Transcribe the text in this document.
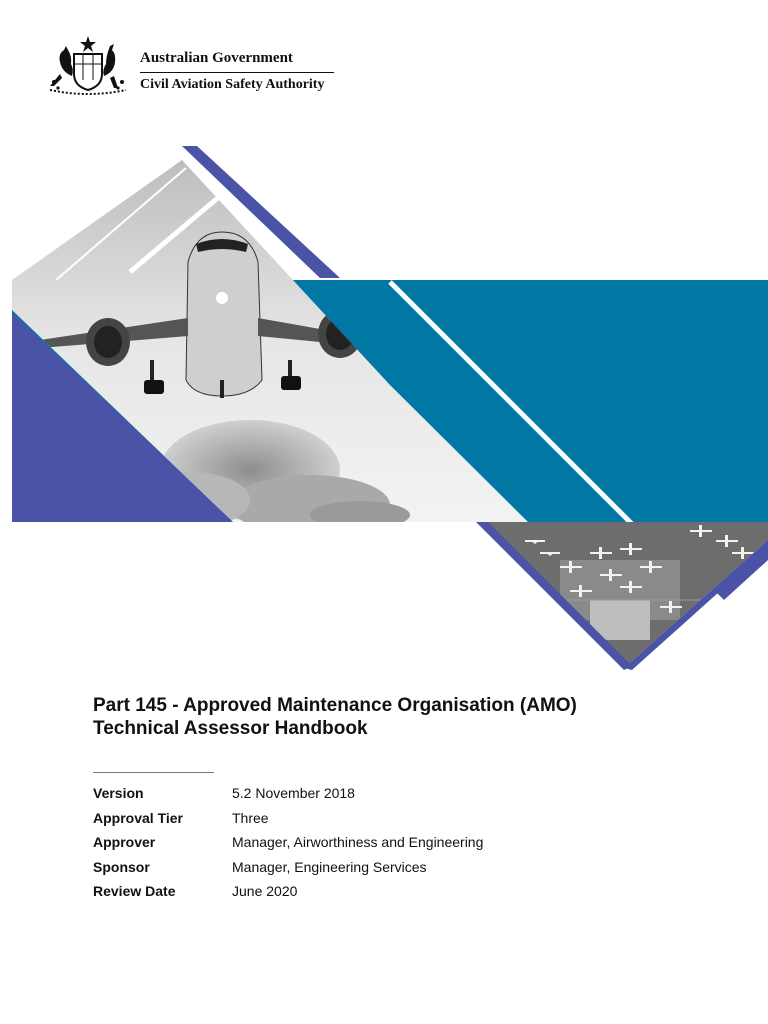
Australian Government
Civil Aviation Safety Authority
Part 145 - Approved Maintenance Organisation (AMO)
Technical Assessor Handbook
Version	5.2 November 2018
Approval Tier	Three
Approver	Manager, Airworthiness and Engineering
Sponsor	Manager, Engineering Services
Review Date	June 2020
